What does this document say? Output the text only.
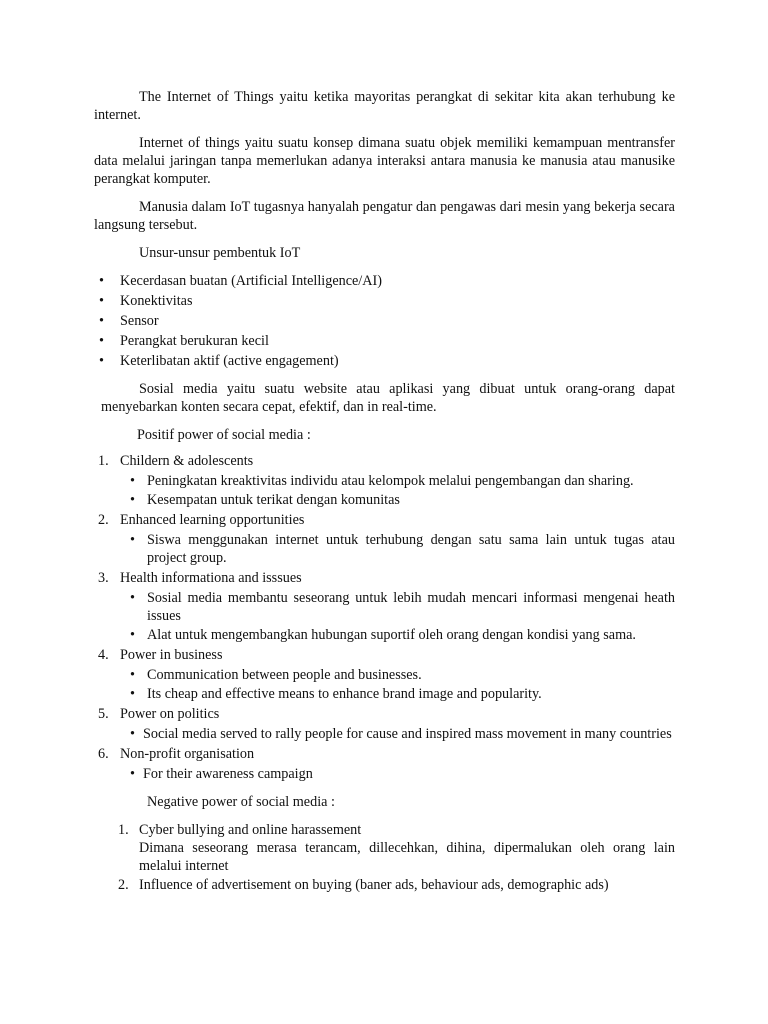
The Internet of Things yaitu ketika mayoritas perangkat di sekitar kita akan terhubung ke internet.

Internet of things yaitu suatu konsep dimana suatu objek memiliki kemampuan mentransfer data melalui jaringan tanpa memerlukan adanya interaksi antara manusia ke manusia atau manusike perangkat komputer.

Manusia dalam IoT tugasnya hanyalah pengatur dan pengawas dari mesin yang bekerja secara langsung tersebut.

Unsur-unsur pembentuk IoT

• Kecerdasan buatan (Artificial Intelligence/AI)
• Konektivitas
• Sensor
• Perangkat berukuran kecil
• Keterlibatan aktif (active engagement)

Sosial media yaitu suatu website atau aplikasi yang dibuat untuk orang-orang dapat menyebarkan konten secara cepat, efektif, dan in real-time.

Positif power of social media :

1. Childern & adolescents
• Peningkatan kreaktivitas individu atau kelompok melalui pengembangan dan sharing.
• Kesempatan untuk terikat dengan komunitas
2. Enhanced learning opportunities
• Siswa menggunakan internet untuk terhubung dengan satu sama lain untuk tugas atau project group.
3. Health informationa and isssues
• Sosial media membantu seseorang untuk lebih mudah mencari informasi mengenai heath issues
• Alat untuk mengembangkan hubungan suportif oleh orang dengan kondisi yang sama.
4. Power in business
• Communication between people and businesses.
• Its cheap and effective means to enhance brand image and popularity.
5. Power on politics
• Social media served to rally people for cause and inspired mass movement in many countries
6. Non-profit organisation
• For their awareness campaign

Negative power of social media :

1. Cyber bullying and online harassement
Dimana seseorang merasa terancam, dillecehkan, dihina, dipermalukan oleh orang lain melalui internet
2. Influence of advertisement on buying (baner ads, behaviour ads, demographic ads)
